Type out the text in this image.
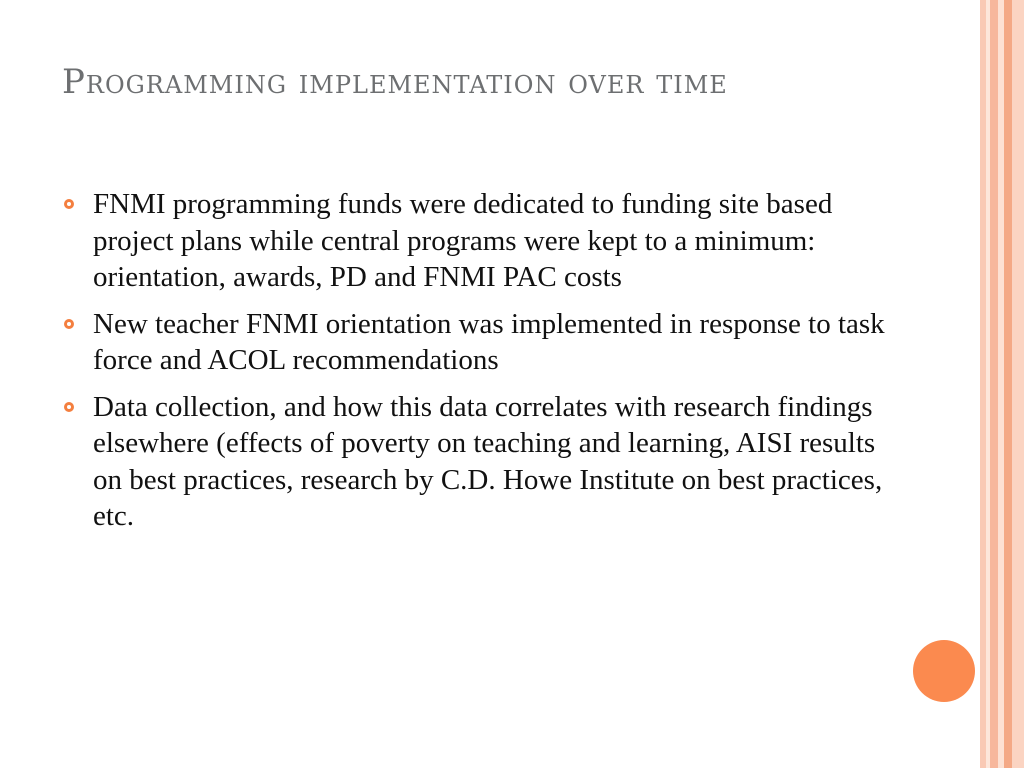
Programming implementation over time
FNMI programming funds were dedicated to funding site based project plans while central programs were kept to a minimum: orientation, awards, PD and FNMI PAC costs
New teacher FNMI orientation was implemented in response to task force and ACOL recommendations
Data collection, and how this data correlates with research findings elsewhere (effects of poverty on teaching and learning, AISI results on best practices, research by C.D. Howe Institute on best practices, etc.
